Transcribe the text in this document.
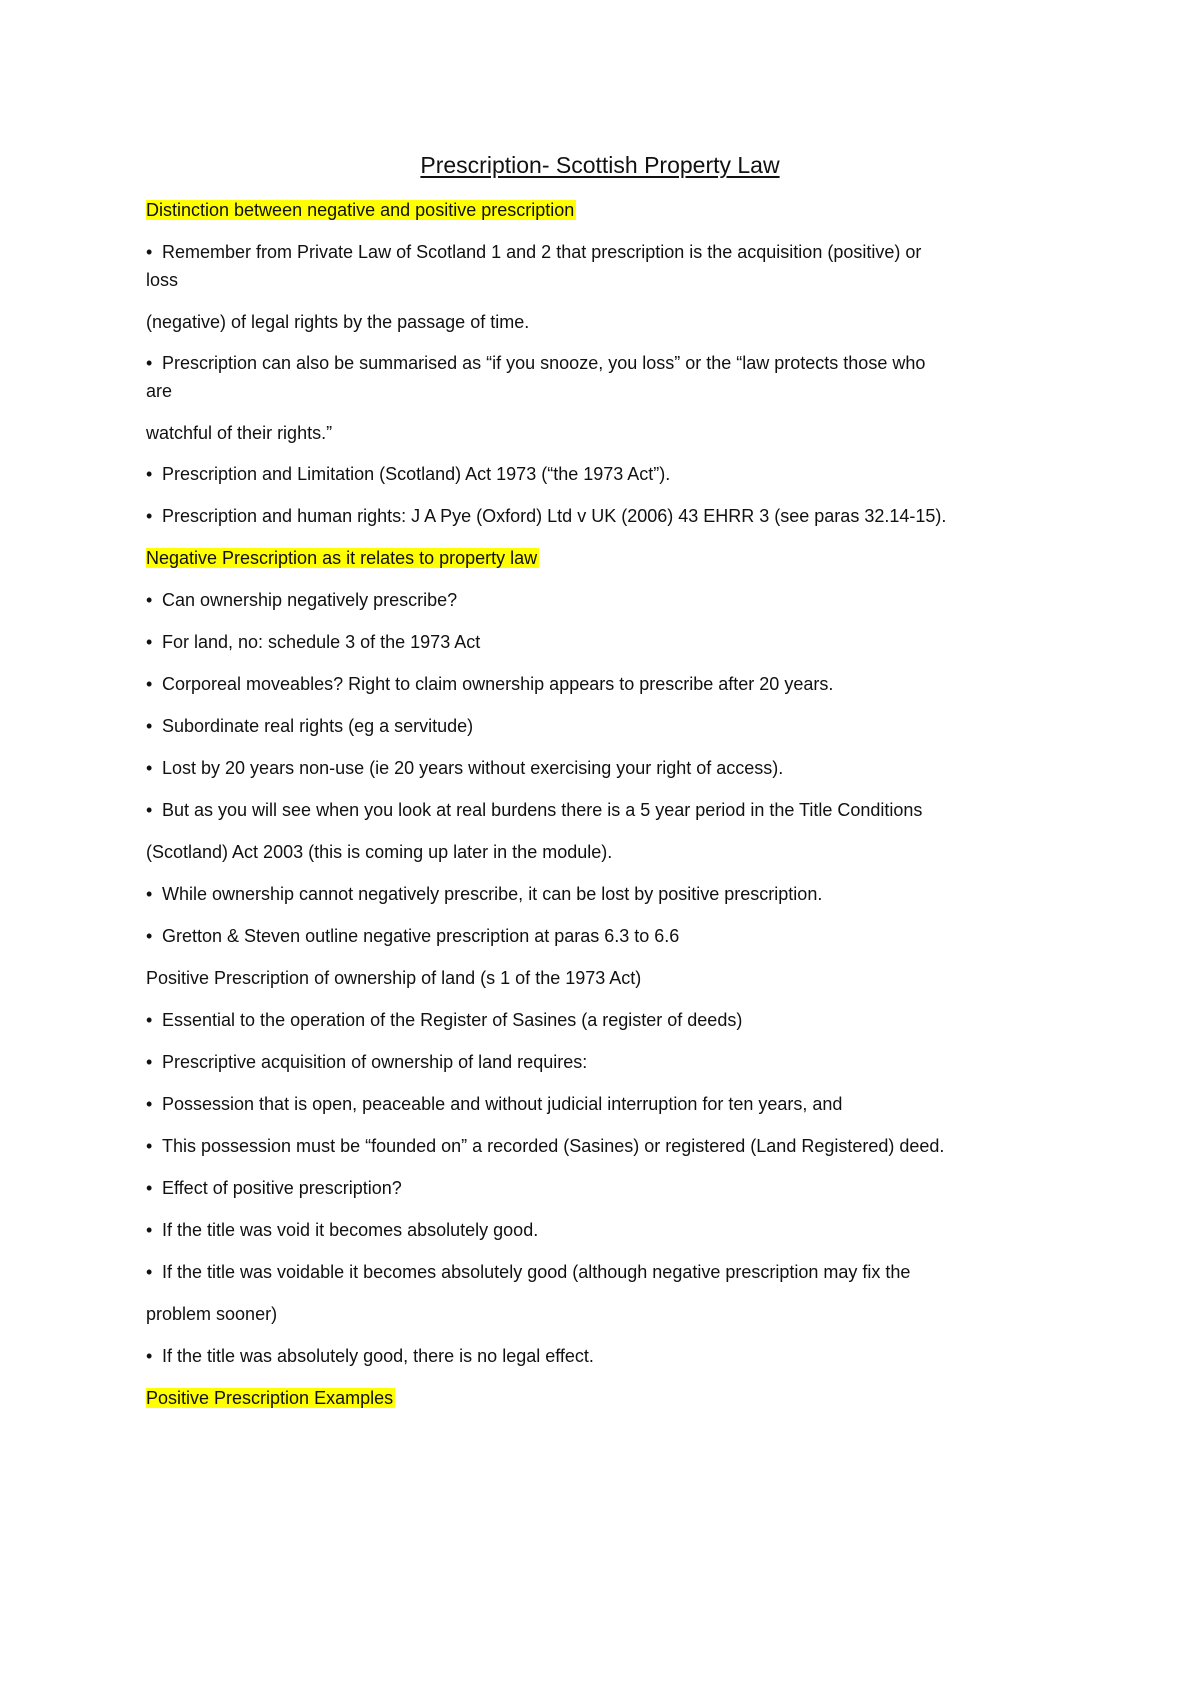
Prescription- Scottish Property Law
Distinction between negative and positive prescription
• Remember from Private Law of Scotland 1 and 2 that prescription is the acquisition (positive) or
loss
(negative) of legal rights by the passage of time.
• Prescription can also be summarised as “if you snooze, you loss” or the “law protects those who
are
watchful of their rights.”
• Prescription and Limitation (Scotland) Act 1973 (“the 1973 Act”).
• Prescription and human rights: J A Pye (Oxford) Ltd v UK (2006) 43 EHRR 3 (see paras 32.14-15).
Negative Prescription as it relates to property law
• Can ownership negatively prescribe?
• For land, no: schedule 3 of the 1973 Act
• Corporeal moveables? Right to claim ownership appears to prescribe after 20 years.
• Subordinate real rights (eg a servitude)
• Lost by 20 years non-use (ie 20 years without exercising your right of access).
• But as you will see when you look at real burdens there is a 5 year period in the Title Conditions
(Scotland) Act 2003 (this is coming up later in the module).
• While ownership cannot negatively prescribe, it can be lost by positive prescription.
• Gretton & Steven outline negative prescription at paras 6.3 to 6.6
Positive Prescription of ownership of land (s 1 of the 1973 Act)
• Essential to the operation of the Register of Sasines (a register of deeds)
• Prescriptive acquisition of ownership of land requires:
• Possession that is open, peaceable and without judicial interruption for ten years, and
• This possession must be “founded on” a recorded (Sasines) or registered (Land Registered) deed.
• Effect of positive prescription?
• If the title was void it becomes absolutely good.
• If the title was voidable it becomes absolutely good (although negative prescription may fix the
problem sooner)
• If the title was absolutely good, there is no legal effect.
Positive Prescription Examples
